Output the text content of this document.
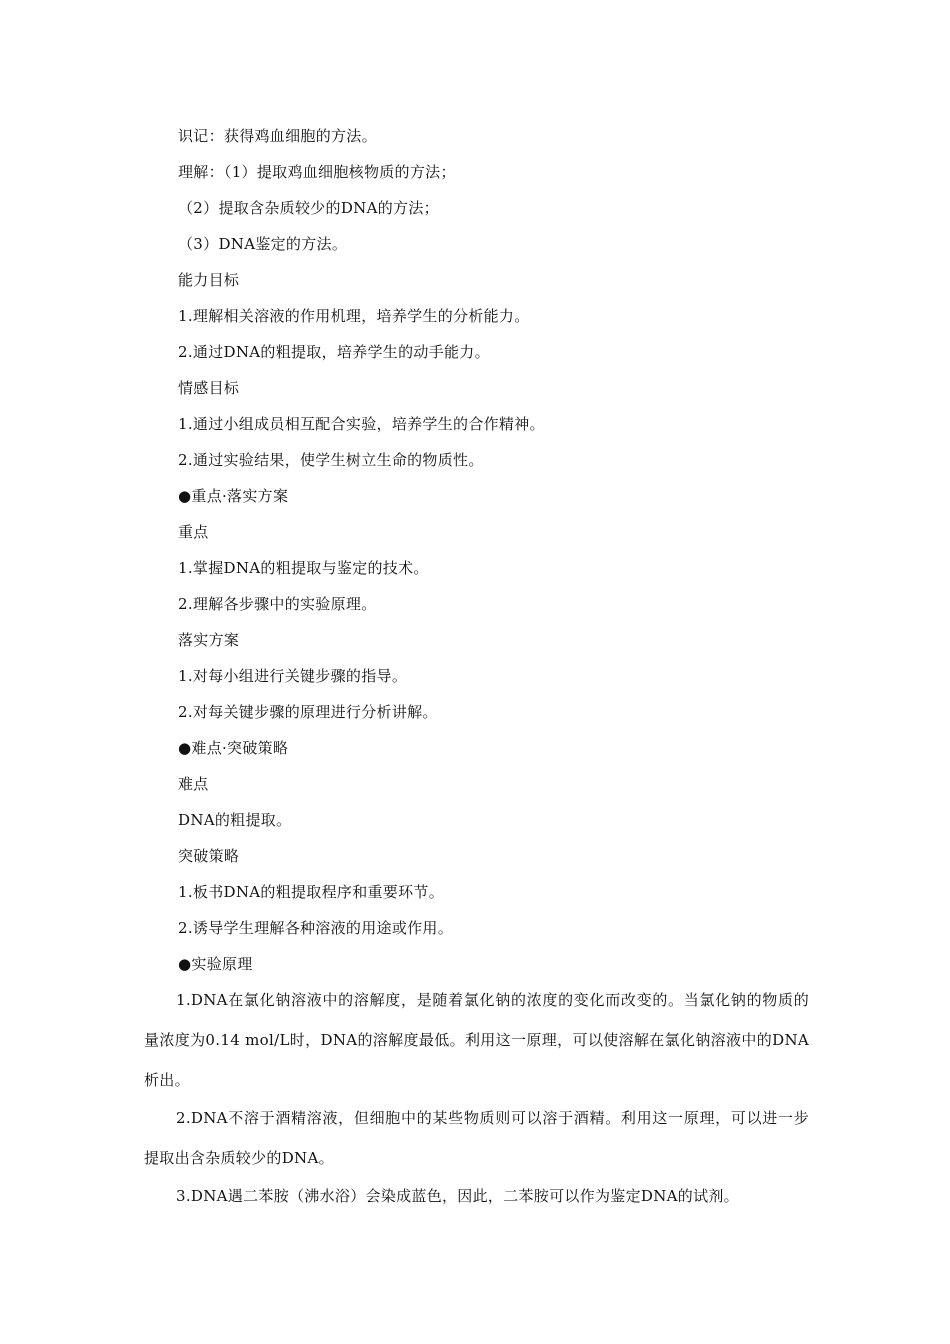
识记：获得鸡血细胞的方法。
理解：（1）提取鸡血细胞核物质的方法；
（2）提取含杂质较少的DNA的方法；
（3）DNA鉴定的方法。
能力目标
1.理解相关溶液的作用机理，培养学生的分析能力。
2.通过DNA的粗提取，培养学生的动手能力。
情感目标
1.通过小组成员相互配合实验，培养学生的合作精神。
2.通过实验结果，使学生树立生命的物质性。
●重点·落实方案
重点
1.掌握DNA的粗提取与鉴定的技术。
2.理解各步骤中的实验原理。
落实方案
1.对每小组进行关键步骤的指导。
2.对每关键步骤的原理进行分析讲解。
●难点·突破策略
难点
DNA的粗提取。
突破策略
1.板书DNA的粗提取程序和重要环节。
2.诱导学生理解各种溶液的用途或作用。
●实验原理
1.DNA在氯化钠溶液中的溶解度，是随着氯化钠的浓度的变化而改变的。当氯化钠的物质的量浓度为0.14 mol/L时，DNA的溶解度最低。利用这一原理，可以使溶解在氯化钠溶液中的DNA析出。
2.DNA不溶于酒精溶液，但细胞中的某些物质则可以溶于酒精。利用这一原理，可以进一步提取出含杂质较少的DNA。
3.DNA遇二苯胺（沸水浴）会染成蓝色，因此，二苯胺可以作为鉴定DNA的试剂。
